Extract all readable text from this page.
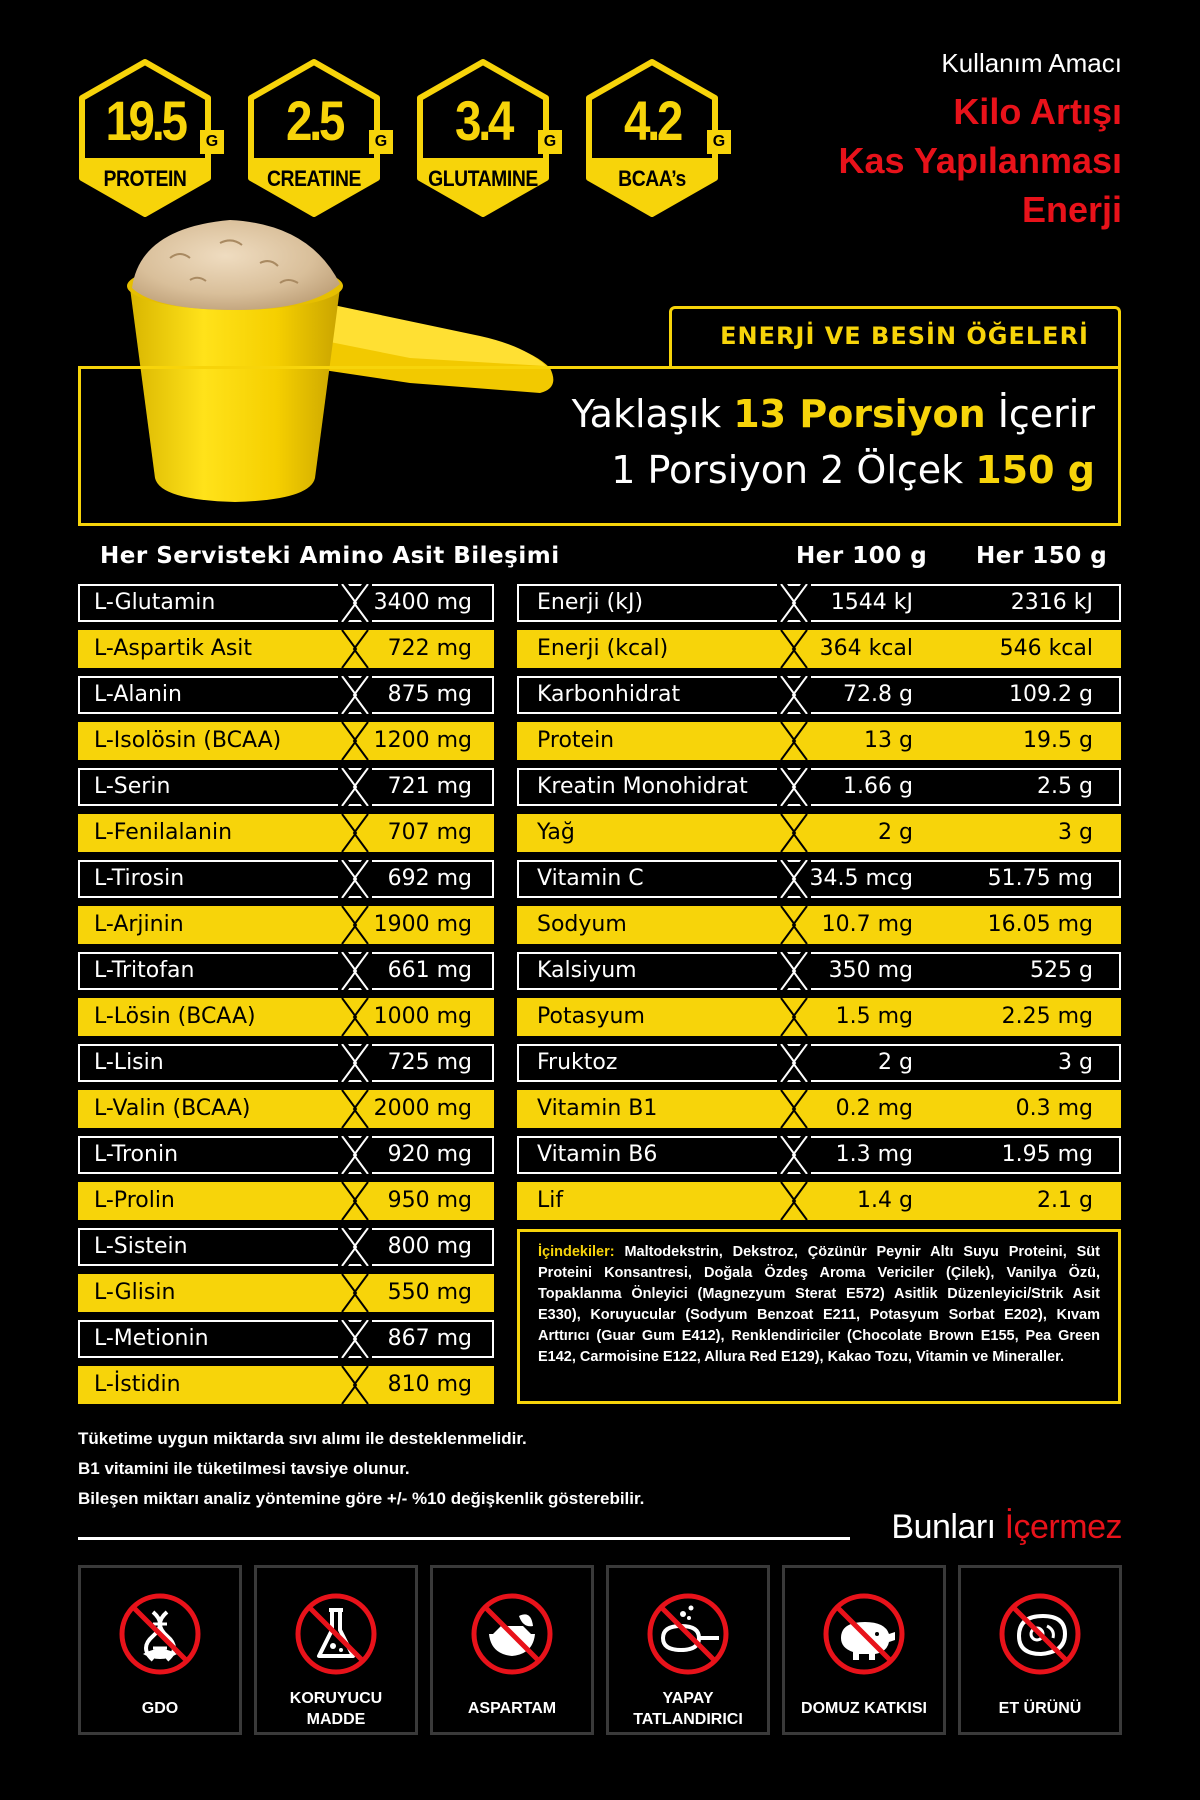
19.5	G
PROTEIN
2.5	G
CREATINE
3.4	G
GLUTAMINE
4.2	G
BCAA’s
Kullanım Amacı
Kilo Artışı
Kas Yapılanması
Enerji
ENERJİ VE BESİN ÖĞELERİ
Yaklaşık 13 Porsiyon İçerir
1 Porsiyon 2 Ölçek 150 g
Her Servisteki Amino Asit Bileşimi	Her 100 g Her 150 g
L-Glutamin	3400 mg
L-Aspartik Asit	722 mg
L-Alanin	875 mg
L-Isolösin (BCAA)	1200 mg
L-Serin	721 mg
L-Fenilalanin	707 mg
L-Tirosin	692 mg
L-Arjinin	1900 mg
L-Tritofan	661 mg
L-Lösin (BCAA)	1000 mg
L-Lisin	725 mg
L-Valin (BCAA)	2000 mg
L-Tronin	920 mg
L-Prolin	950 mg
L-Sistein	800 mg
L-Glisin	550 mg
L-Metionin	867 mg
L-İstidin	810 mg
Enerji (kJ)	1544 kJ	2316 kJ
Enerji (kcal)	364 kcal	546 kcal
Karbonhidrat	72.8 g	109.2 g
Protein	13 g	19.5 g
Kreatin Monohidrat	1.66 g	2.5 g
Yağ	2 g	3 g
Vitamin C	34.5 mcg	51.75 mg
Sodyum	10.7 mg	16.05 mg
Kalsiyum	350 mg	525 g
Potasyum	1.5 mg	2.25 mg
Fruktoz	2 g	3 g
Vitamin B1	0.2 mg	0.3 mg
Vitamin B6	1.3 mg	1.95 mg
Lif	1.4 g	2.1 g
İçindekiler: Maltodekstrin, Dekstroz, Çözünür Peynir Altı Suyu Proteini, Süt Proteini Konsantresi, Doğala Özdeş Aroma Vericiler (Çilek), Vanilya Özü, Topaklanma Önleyici (Magnezyum Sterat E572) Asitlik Düzenleyici/Strik Asit E330), Koruyucular (Sodyum Benzoat E211, Potasyum Sorbat E202), Kıvam Arttırıcı (Guar Gum E412), Renklendiriciler (Chocolate Brown E155, Pea Green E142, Carmoisine E122, Allura Red E129), Kakao Tozu, Vitamin ve Mineraller.
Tüketime uygun miktarda sıvı alımı ile desteklenmelidir.
B1 vitamini ile tüketilmesi tavsiye olunur.
Bileşen miktarı analiz yöntemine göre +/- %10 değişkenlik gösterebilir.
Bunları İçermez
GDO
KORUYUCU
MADDE
ASPARTAM
YAPAY
TATLANDIRICI
DOMUZ KATKISI	ET ÜRÜNÜ
